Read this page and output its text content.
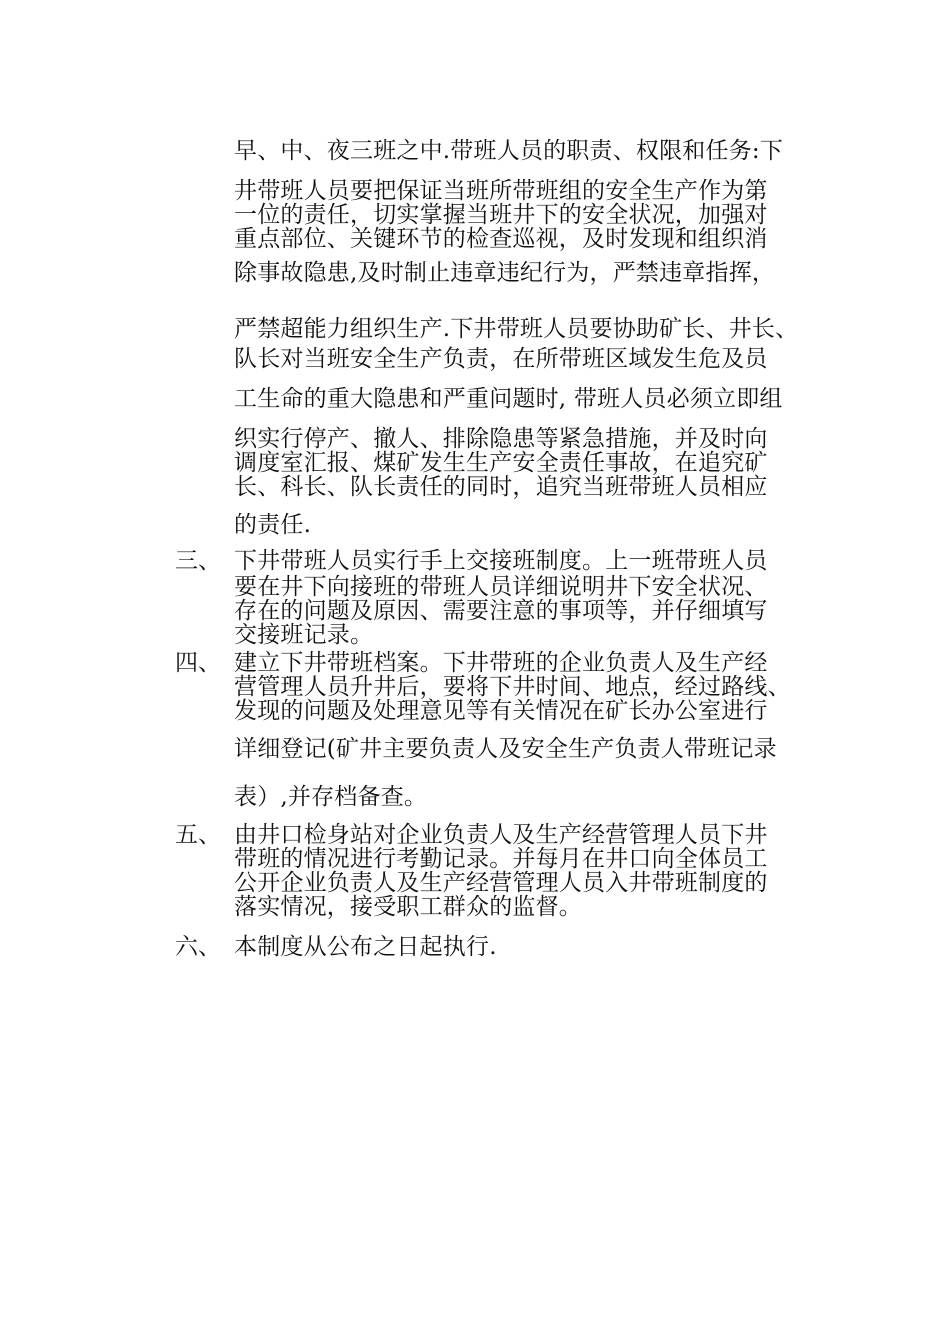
早、中、夜三班之中.带班人员的职责、权限和任务:下
井带班人员要把保证当班所带班组的安全生产作为第
一位的责任，切实掌握当班井下的安全状况，加强对
重点部位、关键环节的检查巡视，及时发现和组织消
除事故隐患,及时制止违章违纪行为，严禁违章指挥，
严禁超能力组织生产.下井带班人员要协助矿长、井长、
队长对当班安全生产负责，在所带班区域发生危及员
工生命的重大隐患和严重问题时, 带班人员必须立即组
织实行停产、撤人、排除隐患等紧急措施，并及时向
调度室汇报、煤矿发生生产安全责任事故，在追究矿
长、科长、队长责任的同时，追究当班带班人员相应
的责任.
三、 下井带班人员实行手上交接班制度。上一班带班人员
要在井下向接班的带班人员详细说明井下安全状况、
存在的问题及原因、需要注意的事项等，并仔细填写
交接班记录。
四、 建立下井带班档案。下井带班的企业负责人及生产经
营管理人员升井后，要将下井时间、地点，经过路线、
发现的问题及处理意见等有关情况在矿长办公室进行
详细登记(矿井主要负责人及安全生产负责人带班记录
表）,并存档备查。
五、 由井口检身站对企业负责人及生产经营管理人员下井
带班的情况进行考勤记录。并每月在井口向全体员工
公开企业负责人及生产经营管理人员入井带班制度的
落实情况，接受职工群众的监督。
六、 本制度从公布之日起执行.
